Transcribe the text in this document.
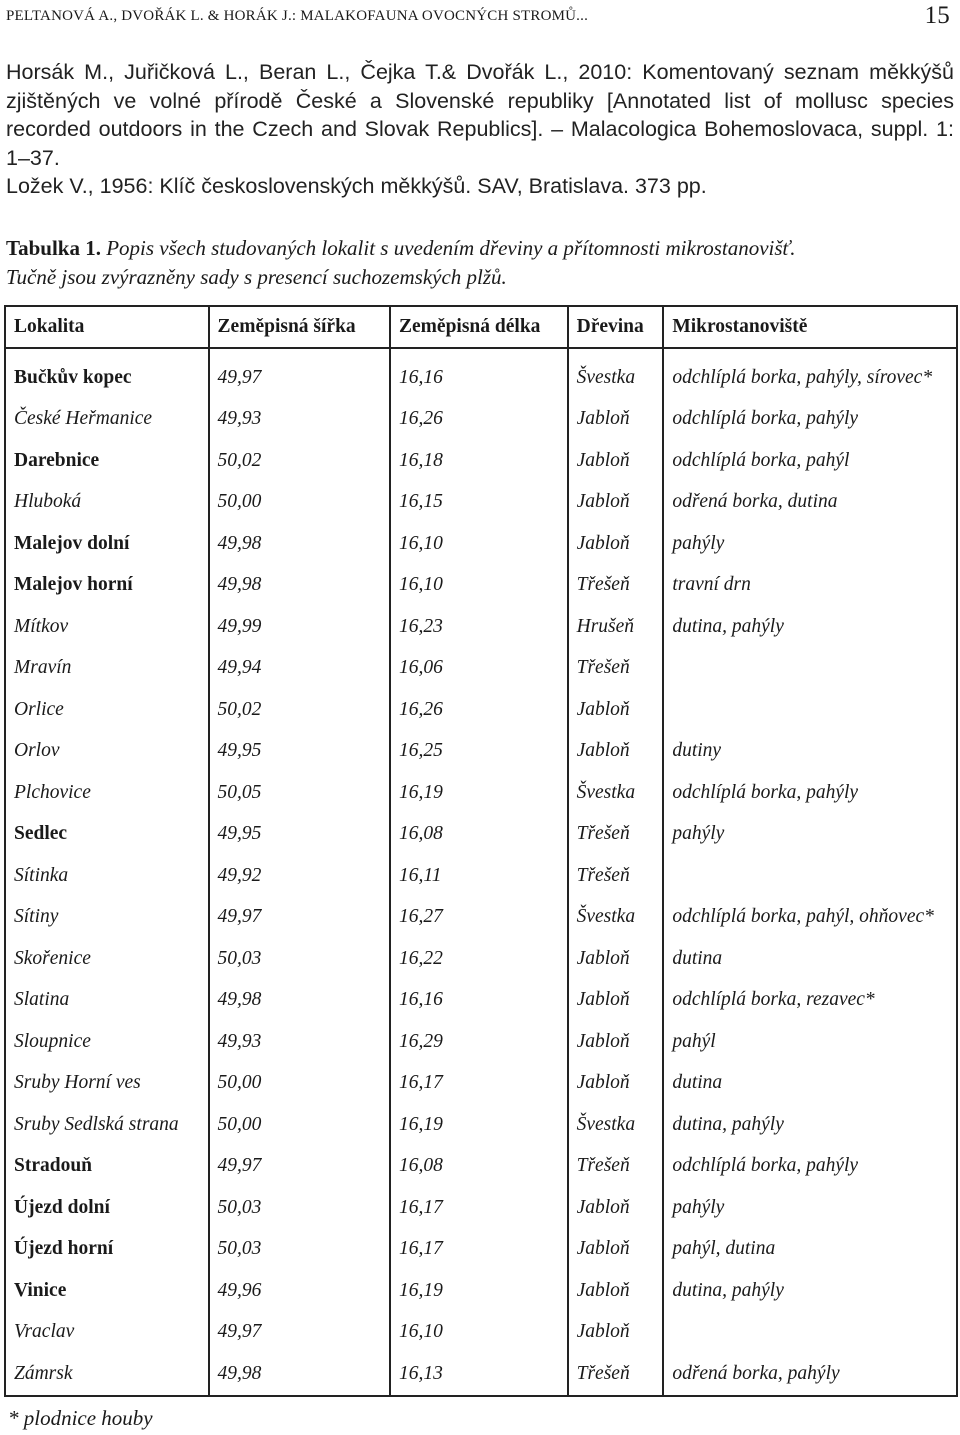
PELTANOVÁ A., DVOŘÁK L. & HORÁK J.: MALAKOFAUNA OVOCNÝCH STROMŮ...	15

Horsák M., Juřičková L., Beran L., Čejka T.& Dvořák L., 2010: Komentovaný seznam měkkýšů zjištěných ve volné přírodě České a Slovenské republiky [Annotated list of mollusc species recorded outdoors in the Czech and Slovak Republics]. – Malacologica Bohemoslovaca, suppl. 1: 1–37.

Ložek V., 1956: Klíč československých měkkýšů. SAV, Bratislava. 373 pp.

Tabulka 1. Popis všech studovaných lokalit s uvedením dřeviny a přítomnosti mikrostanovišť.
Tučně jsou zvýrazněny sady s presencí suchozemských plžů.
Lokalita	Zeměpisná šířka	Zeměpisná délka	Dřevina	Mikrostanoviště
Bučkův kopec	49,97	16,16	Švestka	odchlíplá borka, pahýly, sírovec*
České Heřmanice	49,93	16,26	Jabloň	odchlíplá borka, pahýly
Darebnice	50,02	16,18	Jabloň	odchlíplá borka, pahýl
Hluboká	50,00	16,15	Jabloň	odřená borka, dutina
Malejov dolní	49,98	16,10	Jabloň	pahýly
Malejov horní	49,98	16,10	Třešeň	travní drn
Mítkov	49,99	16,23	Hrušeň	dutina, pahýly
Mravín	49,94	16,06	Třešeň	
Orlice	50,02	16,26	Jabloň	
Orlov	49,95	16,25	Jabloň	dutiny
Plchovice	50,05	16,19	Švestka	odchlíplá borka, pahýly
Sedlec	49,95	16,08	Třešeň	pahýly
Sítinka	49,92	16,11	Třešeň	
Sítiny	49,97	16,27	Švestka	odchlíplá borka, pahýl, ohňovec*
Skořenice	50,03	16,22	Jabloň	dutina
Slatina	49,98	16,16	Jabloň	odchlíplá borka, rezavec*
Sloupnice	49,93	16,29	Jabloň	pahýl
Sruby Horní ves	50,00	16,17	Jabloň	dutina
Sruby Sedlská strana	50,00	16,19	Švestka	dutina, pahýly
Stradouň	49,97	16,08	Třešeň	odchlíplá borka, pahýly
Újezd dolní	50,03	16,17	Jabloň	pahýly
Újezd horní	50,03	16,17	Jabloň	pahýl, dutina
Vinice	49,96	16,19	Jabloň	dutina, pahýly
Vraclav	49,97	16,10	Jabloň	
Zámrsk	49,98	16,13	Třešeň	odřená borka, pahýly
* plodnice houby
